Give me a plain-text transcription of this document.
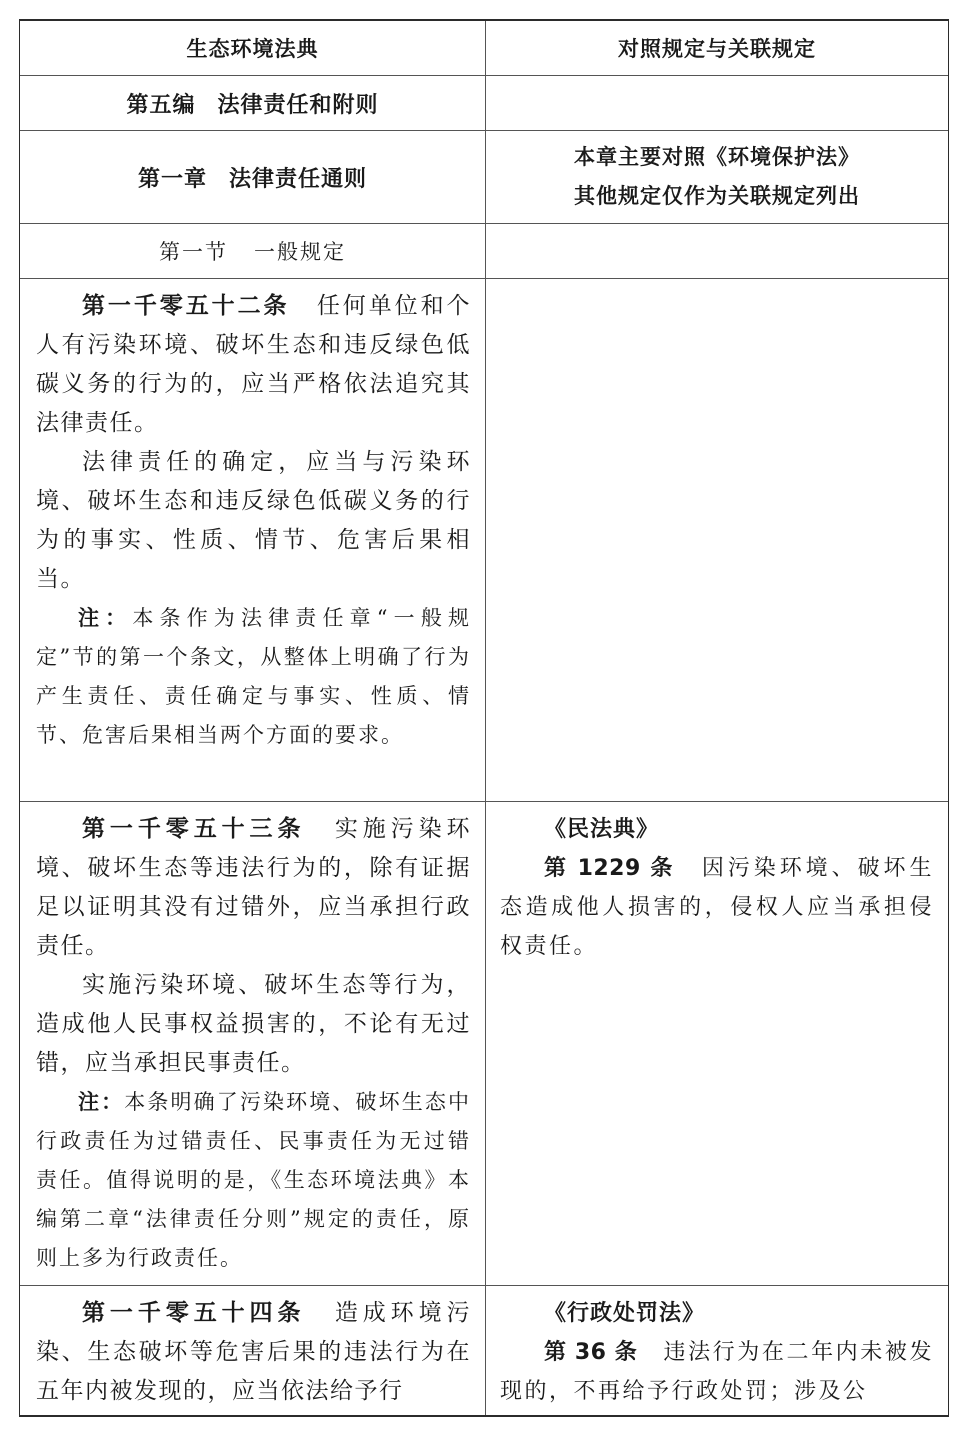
生态环境法典	对照规定与关联规定
第五编 法律责任和附则
第一章 法律责任通则
本章主要对照《环境保护法》
其他规定仅作为关联规定列出
第一节 一般规定

第一千零五十二条 任何单位和个人有污染环境、破坏生态和违反绿色低碳义务的行为的，应当严格依法追究其法律责任。

法律责任的确定，应当与污染环境、破坏生态和违反绿色低碳义务的行为的事实、性质、情节、危害后果相当。

注：本条作为法律责任章“一般规定”节的第一个条文，从整体上明确了行为产生责任、责任确定与事实、性质、情节、危害后果相当两个方面的要求。

第一千零五十三条 实施污染环境、破坏生态等违法行为的，除有证据足以证明其没有过错外，应当承担行政责任。

实施污染环境、破坏生态等行为，造成他人民事权益损害的，不论有无过错，应当承担民事责任。

注：本条明确了污染环境、破坏生态中行政责任为过错责任、民事责任为无过错责任。值得说明的是，《生态环境法典》本编第二章“法律责任分则”规定的责任，原则上多为行政责任。

《民法典》

第 1229 条 因污染环境、破坏生态造成他人损害的，侵权人应当承担侵权责任。

第一千零五十四条 造成环境污染、生态破坏等危害后果的违法行为在五年内被发现的，应当依法给予行

《行政处罚法》

第 36 条 违法行为在二年内未被发现的，不再给予行政处罚；涉及公
